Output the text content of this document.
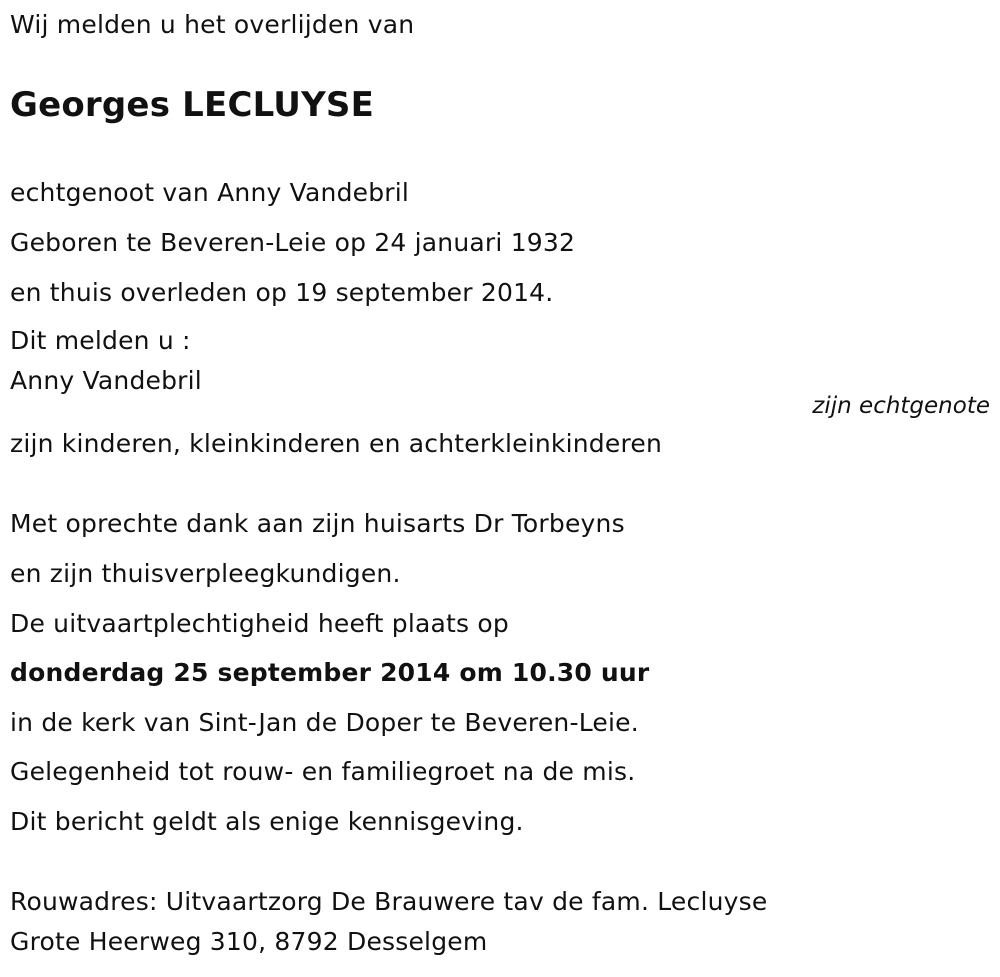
Wij melden u het overlijden van
Georges LECLUYSE
echtgenoot van Anny Vandebril
Geboren te Beveren-Leie op 24 januari 1932
en thuis overleden op 19 september 2014.
Dit melden u :
Anny Vandebril
zijn echtgenote
zijn kinderen, kleinkinderen en achterkleinkinderen
Met oprechte dank aan zijn huisarts Dr Torbeyns
en zijn thuisverpleegkundigen.
De uitvaartplechtigheid heeft plaats op
donderdag 25 september 2014 om 10.30 uur
in de kerk van Sint-Jan de Doper te Beveren-Leie.
Gelegenheid tot rouw- en familiegroet na de mis.
Dit bericht geldt als enige kennisgeving.
Rouwadres: Uitvaartzorg De Brauwere tav de fam. Lecluyse
Grote Heerweg 310, 8792 Desselgem
